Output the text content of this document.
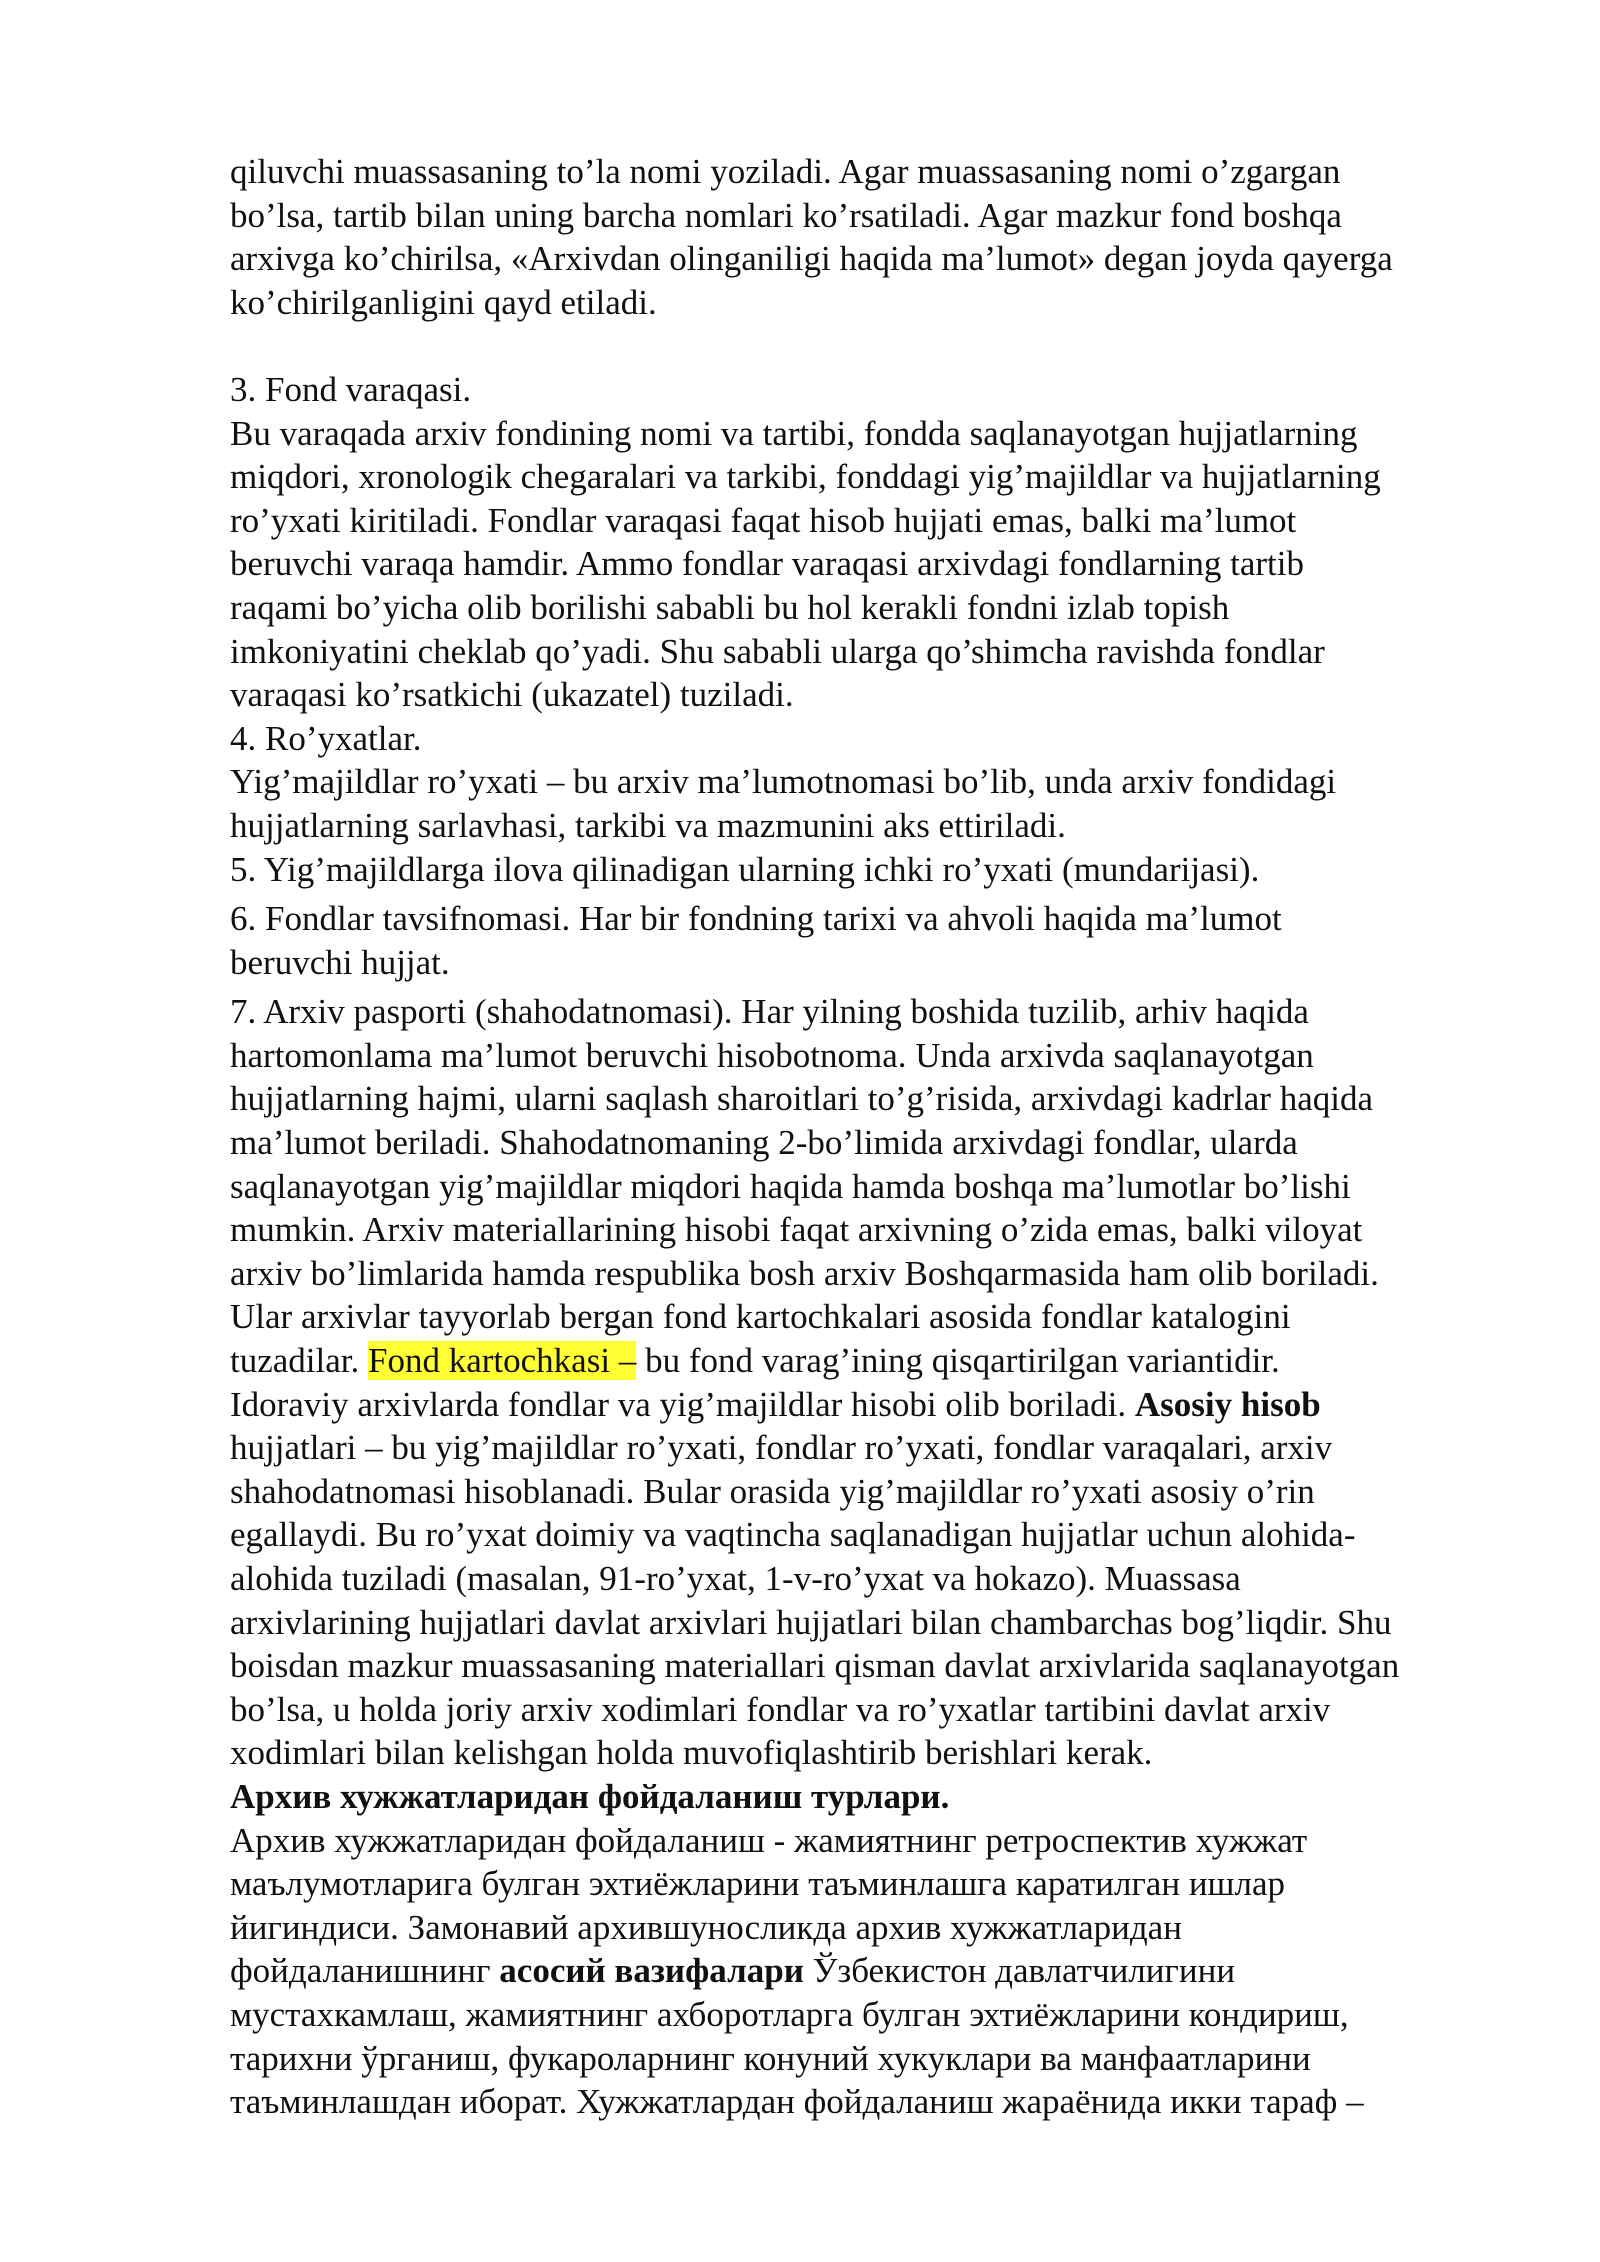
qiluvchi muassasaning to’la nomi yoziladi. Agar muassasaning nomi o’zgargan
bo’lsa, tartib bilan uning barcha nomlari ko’rsatiladi. Agar mazkur fond boshqa
arxivga ko’chirilsa, «Arxivdan olinganiligi haqida ma’lumot» degan joyda qayerga
ko’chirilganligini qayd etiladi.
3. Fond varaqasi.
Bu varaqada arxiv fondining nomi va tartibi, fondda saqlanayotgan hujjatlarning
miqdori, xronologik chegaralari va tarkibi, fonddagi yig’majildlar va hujjatlarning
ro’yxati kiritiladi. Fondlar varaqasi faqat hisob hujjati emas, balki ma’lumot
beruvchi varaqa hamdir. Ammo fondlar varaqasi arxivdagi fondlarning tartib
raqami bo’yicha olib borilishi sababli bu hol kerakli fondni izlab topish
imkoniyatini cheklab qo’yadi. Shu sababli ularga qo’shimcha ravishda fondlar
varaqasi ko’rsatkichi (ukazatel) tuziladi.
4. Ro’yxatlar.
Yig’majildlar ro’yxati – bu arxiv ma’lumotnomasi bo’lib, unda arxiv fondidagi
hujjatlarning sarlavhasi, tarkibi va mazmunini aks ettiriladi.
5. Yig’majildlarga ilova qilinadigan ularning ichki ro’yxati (mundarijasi).
6. Fondlar tavsifnomasi. Har bir fondning tarixi va ahvoli haqida ma’lumot
beruvchi hujjat.
7. Arxiv pasporti (shahodatnomasi). Har yilning boshida tuzilib, arhiv haqida
hartomonlama ma’lumot beruvchi hisobotnoma. Unda arxivda saqlanayotgan
hujjatlarning hajmi, ularni saqlash sharoitlari to’g’risida, arxivdagi kadrlar haqida
ma’lumot beriladi. Shahodatnomaning 2-bo’limida arxivdagi fondlar, ularda
saqlanayotgan yig’majildlar miqdori haqida hamda boshqa ma’lumotlar bo’lishi
mumkin. Arxiv materiallarining hisobi faqat arxivning o’zida emas, balki viloyat
arxiv bo’limlarida hamda respublika bosh arxiv Boshqarmasida ham olib boriladi.
Ular arxivlar tayyorlab bergan fond kartochkalari asosida fondlar katalogini
tuzadilar. Fond kartochkasi – bu fond varag’ining qisqartirilgan variantidir.
Idoraviy arxivlarda fondlar va yig’majildlar hisobi olib boriladi. Asosiy hisob
hujjatlari – bu yig’majildlar ro’yxati, fondlar ro’yxati, fondlar varaqalari, arxiv
shahodatnomasi hisoblanadi. Bular orasida yig’majildlar ro’yxati asosiy o’rin
egallaydi. Bu ro’yxat doimiy va vaqtincha saqlanadigan hujjatlar uchun alohida-
alohida tuziladi (masalan, 91-ro’yxat, 1-v-ro’yxat va hokazo). Muassasa
arxivlarining hujjatlari davlat arxivlari hujjatlari bilan chambarchas bog’liqdir. Shu
boisdan mazkur muassasaning materiallari qisman davlat arxivlarida saqlanayotgan
bo’lsa, u holda joriy arxiv xodimlari fondlar va ro’yxatlar tartibini davlat arxiv
xodimlari bilan kelishgan holda muvofiqlashtirib berishlari kerak.
Архив хужжатларидан фойдаланиш турлари.
Архив хужжатларидан фойдаланиш - жамиятнинг ретроспектив хужжат
маълумотларига булган эхтиёжларини таъминлашга каратилган ишлар
йигиндиси. Замонавий архившуносликда архив хужжатларидан
фойдаланишнинг асосий вазифалари Ўзбекистон давлатчилигини
мустахкамлаш, жамиятнинг ахборотларга булган эхтиёжларини кондириш,
тарихни ўрганиш, фукароларнинг конуний хукуклари ва манфаатларини
таъминлашдан иборат. Хужжатлардан фойдаланиш жараёнида икки тараф –
